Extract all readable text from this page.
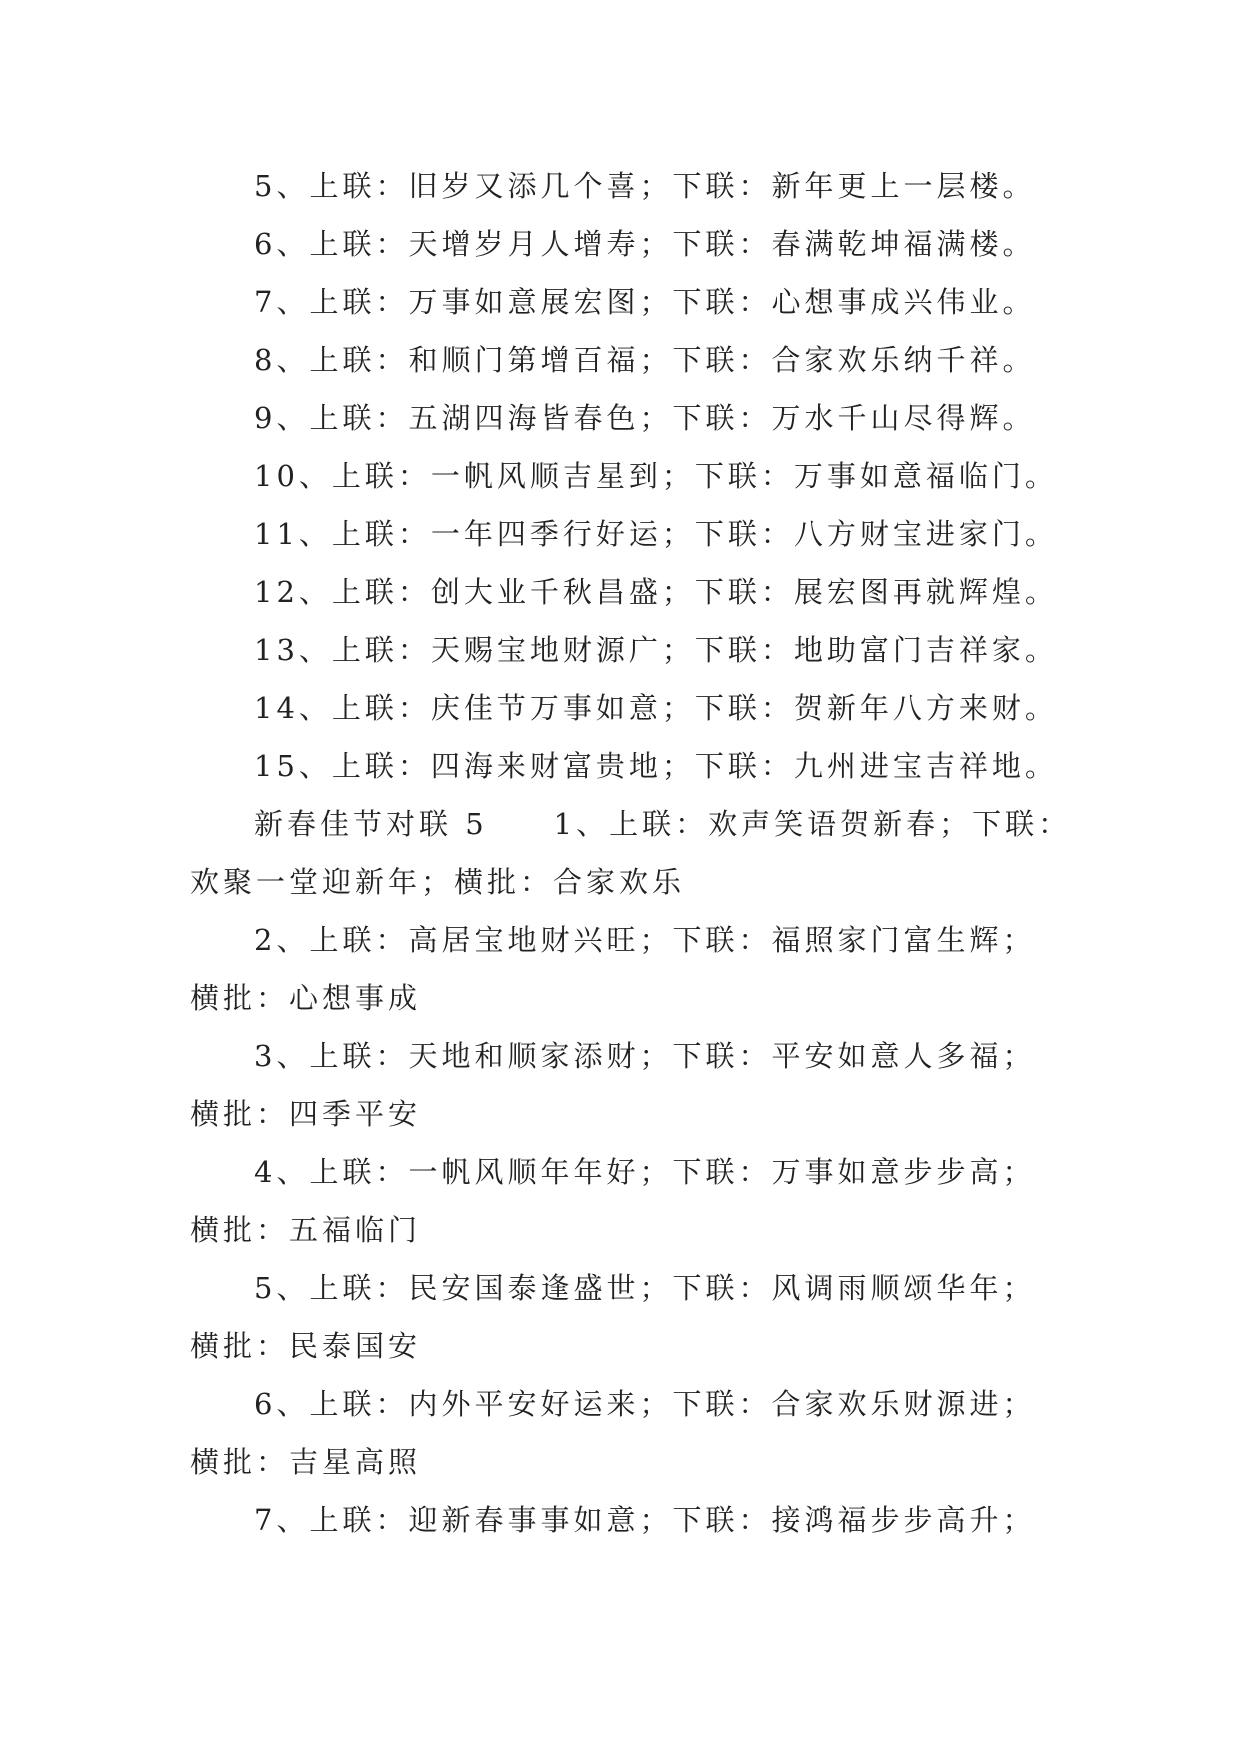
5、上联：旧岁又添几个喜；下联：新年更上一层楼。
6、上联：天增岁月人增寿；下联：春满乾坤福满楼。
7、上联：万事如意展宏图；下联：心想事成兴伟业。
8、上联：和顺门第增百福；下联：合家欢乐纳千祥。
9、上联：五湖四海皆春色；下联：万水千山尽得辉。
10、上联：一帆风顺吉星到；下联：万事如意福临门。
11、上联：一年四季行好运；下联：八方财宝进家门。
12、上联：创大业千秋昌盛；下联：展宏图再就辉煌。
13、上联：天赐宝地财源广；下联：地助富门吉祥家。
14、上联：庆佳节万事如意；下联：贺新年八方来财。
15、上联：四海来财富贵地；下联：九州进宝吉祥地。
新春佳节对联 5　　1、上联：欢声笑语贺新春；下联：
欢聚一堂迎新年；横批：合家欢乐
2、上联：高居宝地财兴旺；下联：福照家门富生辉；
横批：心想事成
3、上联：天地和顺家添财；下联：平安如意人多福；
横批：四季平安
4、上联：一帆风顺年年好；下联：万事如意步步高；
横批：五福临门
5、上联：民安国泰逢盛世；下联：风调雨顺颂华年；
横批：民泰国安
6、上联：内外平安好运来；下联：合家欢乐财源进；
横批：吉星高照
7、上联：迎新春事事如意；下联：接鸿福步步高升；
